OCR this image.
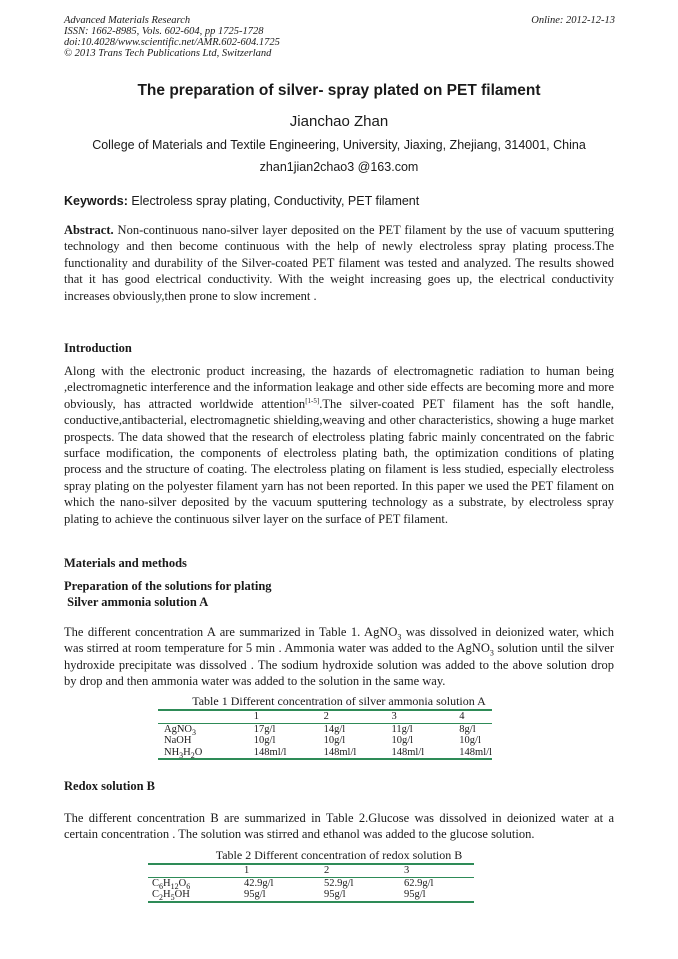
Advanced Materials Research
ISSN: 1662-8985, Vols. 602-604, pp 1725-1728
doi:10.4028/www.scientific.net/AMR.602-604.1725
© 2013 Trans Tech Publications Ltd, Switzerland
Online: 2012-12-13
The preparation of silver- spray plated on PET filament
Jianchao Zhan
College of Materials and Textile Engineering, University, Jiaxing, Zhejiang, 314001, China
zhan1jian2chao3 @163.com
Keywords: Electroless spray plating, Conductivity, PET filament

Abstract. Non-continuous nano-silver layer deposited on the PET filament by the use of vacuum sputtering technology and then become continuous with the help of newly electroless spray plating process.The functionality and durability of the Silver-coated PET filament was tested and analyzed. The results showed that it has good electrical conductivity. With the weight increasing goes up, the electrical conductivity increases obviously,then prone to slow increment .

Introduction

Along with the electronic product increasing, the hazards of electromagnetic radiation to human being ,electromagnetic interference and the information leakage and other side effects are becoming more and more obviously, has attracted worldwide attention[1-5].The silver-coated PET filament has the soft handle, conductive,antibacterial, electromagnetic shielding,weaving and other characteristics, showing a huge market prospects. The data showed that the research of electroless plating fabric mainly concentrated on the fabric surface modification, the components of electroless plating bath, the optimization conditions of plating process and the structure of coating. The electroless plating on filament is less studied, especially electroless spray plating on the polyester filament yarn has not been reported. In this paper we used the PET filament on which the nano-silver deposited by the vacuum sputtering technology as a substrate, by electroless spray plating to achieve the continuous silver layer on the surface of PET filament.

Materials and methods

Preparation of the solutions for plating

Silver ammonia solution A

The different concentration A are summarized in Table 1. AgNO$_3$ was dissolved in deionized water, which was stirred at room temperature for 5 min . Ammonia water was added to the AgNO$_3$ solution until the silver hydroxide precipitate was dissolved . The sodium hydroxide solution was added to the above solution drop by drop and then ammonia water was added to the solution in the same way.

Table 1 Different concentration of silver ammonia solution A
	1	2	3	4
AgNO$_3$	17g/l	14g/l	11g/l	8g/l
NaOH	10g/l	10g/l	10g/l	10g/l
$NH_3H_2O$	148ml/l	148ml/l	148ml/l	148ml/l

Redox solution B

The different concentration B are summarized in Table 2.Glucose was dissolved in deionized water at a certain concentration . The solution was stirred and ethanol was added to the glucose solution.

Table 2 Different concentration of redox solution B
	1	2	3
$C_6H_{12}O_6$	42.9g/l	52.9g/l	62.9g/l
$C_2H_5OH$	95g/l	95g/l	95g/l
